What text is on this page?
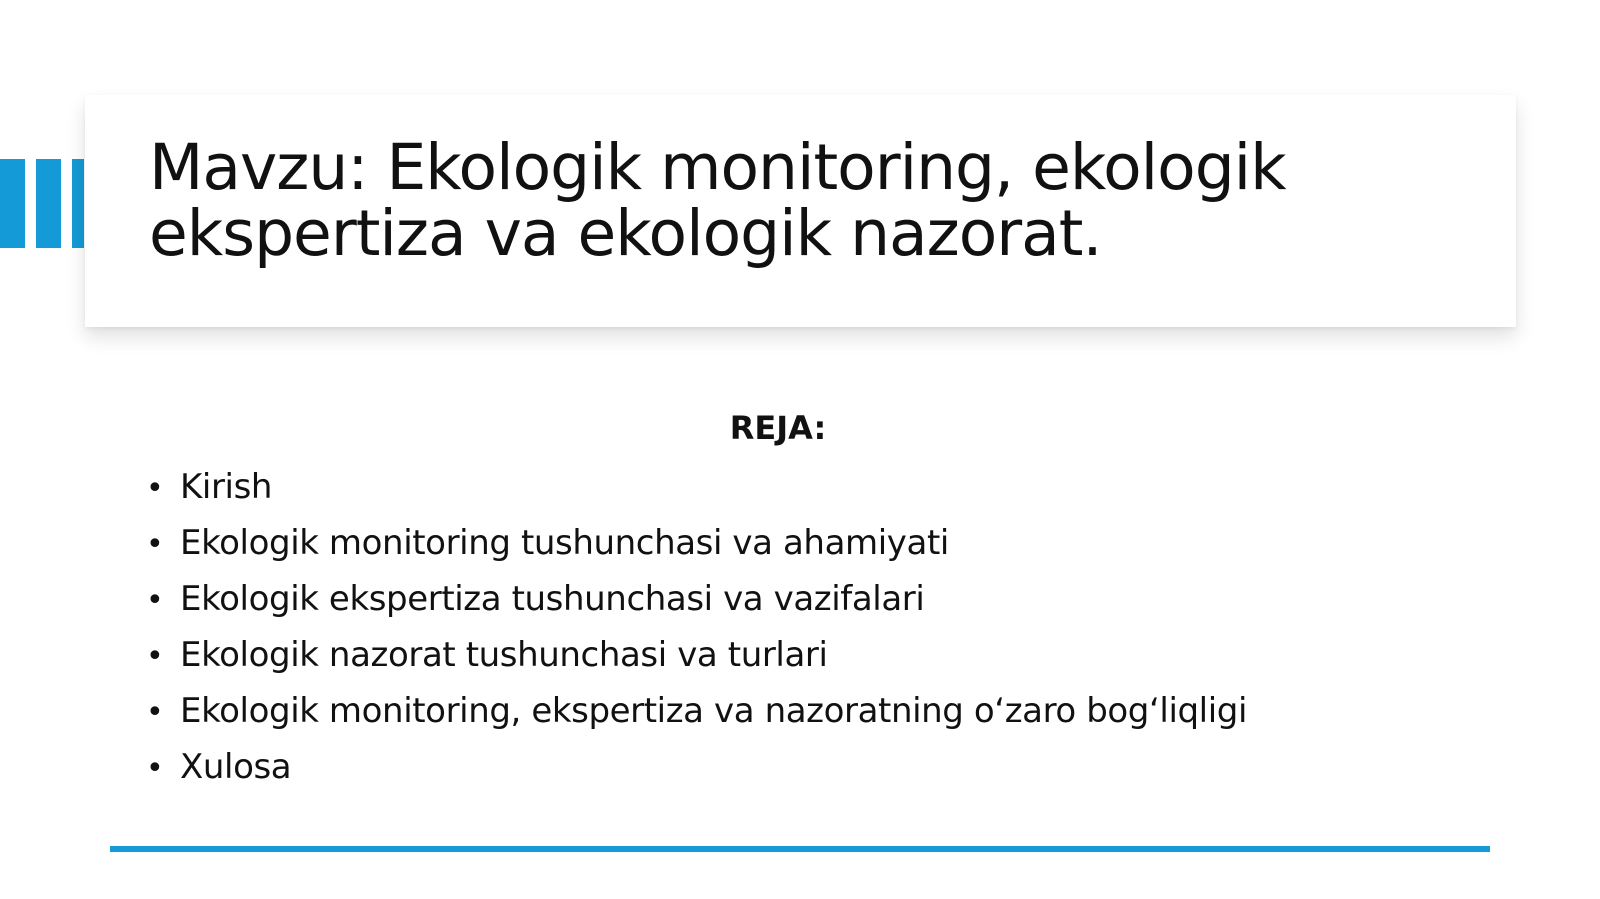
Mavzu: Ekologik monitoring, ekologik ekspertiza va ekologik nazorat.
REJA:
• Kirish
• Ekologik monitoring tushunchasi va ahamiyati
• Ekologik ekspertiza tushunchasi va vazifalari
• Ekologik nazorat tushunchasi va turlari
• Ekologik monitoring, ekspertiza va nazoratning o‘zaro bog‘liqligi
• Xulosa
